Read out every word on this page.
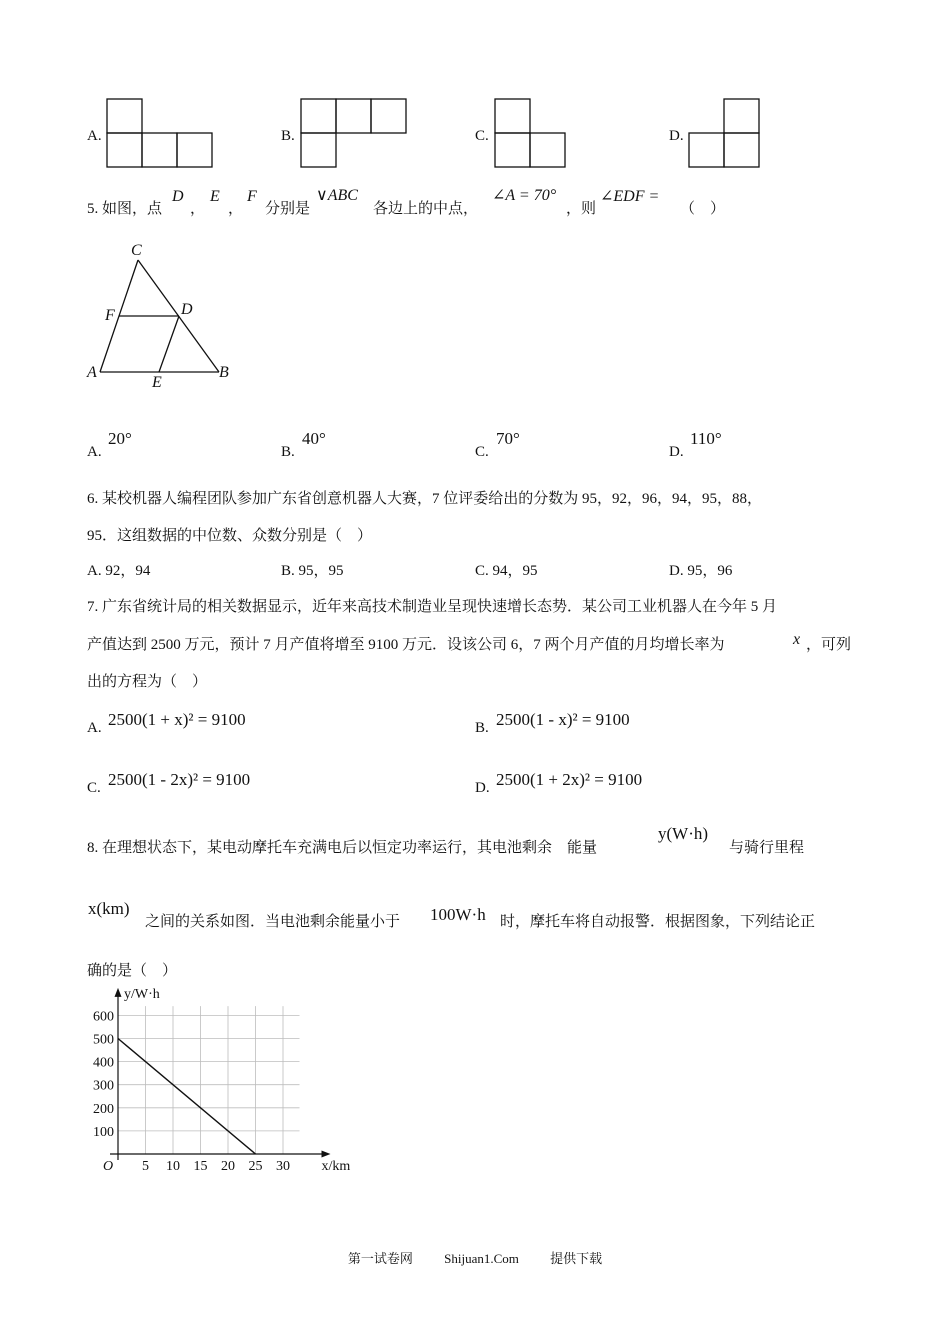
A.	B.	C.	D.
5. 如图，点
D
，
E
，
F
分别是
∨ABC
各边上的中点，
∠A = 70°
，则
∠EDF =
（　）
C
F	D
A
E
B
A.
20°
B.
40°
C.
70°
D.
110°
6. 某校机器人编程团队参加广东省创意机器人大赛，7 位评委给出的分数为 95，92，96，94，95，88，
95．这组数据的中位数、众数分别是（　）
A. 92，94	B. 95，95	C. 94，95	D. 95，96
7. 广东省统计局的相关数据显示，近年来高技术制造业呈现快速增长态势．某公司工业机器人在今年 5 月
产值达到 2500 万元，预计 7 月产值将增至 9100 万元．设该公司 6，7 两个月产值的月均增长率为	x ，可列
出的方程为（　）
A. 2500(1 + x)² = 9100	B. 2500(1 - x)² = 9100
C. 2500(1 - 2x)² = 9100	D. 2500(1 + 2x)² = 9100
8. 在理想状态下，某电动摩托车充满电后以恒定功率运行，其电池剩余　能量
y(W·h)
与骑行里程
x(km)
之间的关系如图．当电池剩余能量小于 100W·h 时，摩托车将自动报警．根据图象，下列结论正
确的是（　）
5 10 15 20 25 30
100
200
300
400
500
600
O	x/km
y/W·h
第一试卷网 Shijuan1.Com 提供下载
